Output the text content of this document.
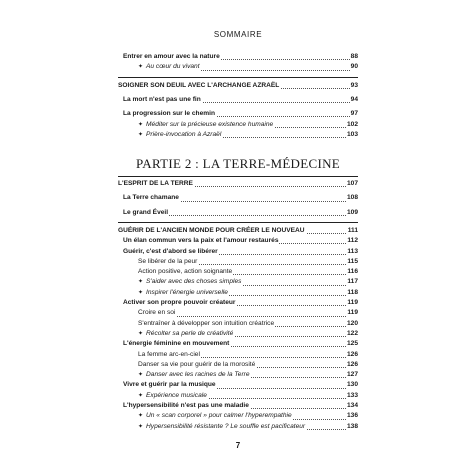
SOMMAIRE
Entrer en amour avec la nature	88
✦ Au cœur du vivant	90
SOIGNER SON DEUIL AVEC L'ARCHANGE AZRAËL	93
La mort n'est pas une fin	94
La progression sur le chemin	97
✦ Méditer sur la précieuse existence humaine	102
✦ Prière-invocation à Azraël	103
PARTIE 2 : LA TERRE-MÉDECINE
L'ESPRIT DE LA TERRE	107
La Terre chamane	108
Le grand Éveil	109
GUÉRIR DE L'ANCIEN MONDE POUR CRÉER LE NOUVEAU	111
Un élan commun vers la paix et l'amour restaurés	112
Guérir, c'est d'abord se libérer	113
Se libérer de la peur	115
Action positive, action soignante	116
✦ S'aider avec des choses simples	117
✦ Inspirer l'énergie universelle	118
Activer son propre pouvoir créateur	119
Croire en soi	119
S'entraîner à développer son intuition créatrice	120
✦ Récolter sa perle de créativité	122
L'énergie féminine en mouvement	125
La femme arc-en-ciel	126
Danser sa vie pour guérir de la morosité	126
✦ Danser avec les racines de la Terre	127
Vivre et guérir par la musique	130
✦ Expérience musicale	133
L'hypersensibilité n'est pas une maladie	134
✦ Un « scan corporel » pour calmer l'hyperempathie	136
✦ Hypersensibilité résistante ? Le souffle est pacificateur	138
7
